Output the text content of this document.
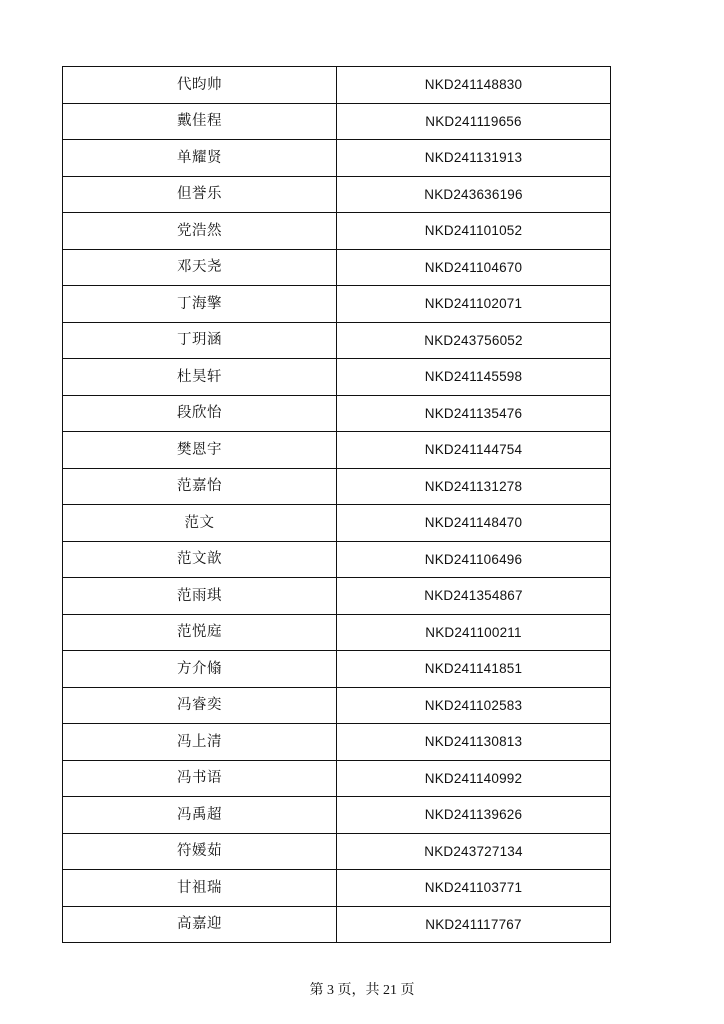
代昀帅	NKD241148830
戴佳程	NKD241119656
单耀贤	NKD241131913
但誉乐	NKD243636196
党浩然	NKD241101052
邓天尧	NKD241104670
丁海擎	NKD241102071
丁玥涵	NKD243756052
杜昊轩	NKD241145598
段欣怡	NKD241135476
樊恩宇	NKD241144754
范嘉怡	NKD241131278
范文	NKD241148470
范文歆	NKD241106496
范雨琪	NKD241354867
范悦庭	NKD241100211
方介翛	NKD241141851
冯睿奕	NKD241102583
冯上清	NKD241130813
冯书语	NKD241140992
冯禹超	NKD241139626
符媛茹	NKD243727134
甘祖瑞	NKD241103771
高嘉迎	NKD241117767
第 3 页，共 21 页
